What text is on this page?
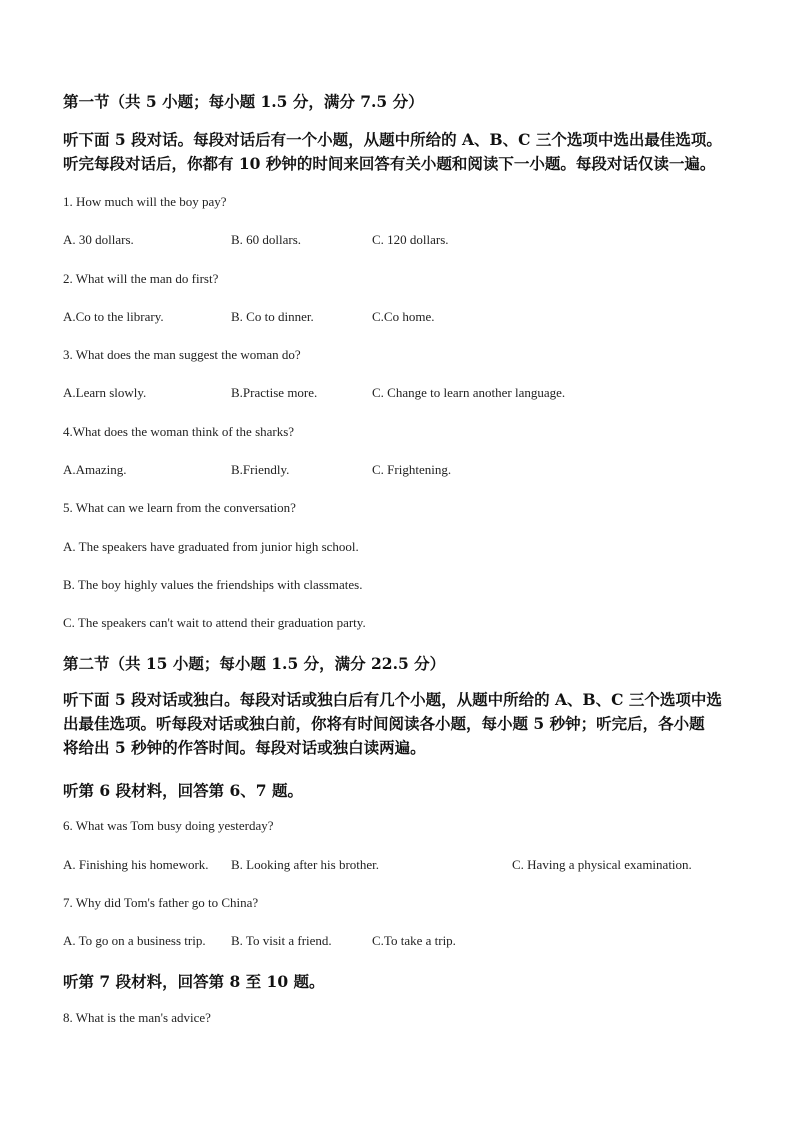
第一节（共 5 小题；每小题 1.5 分，满分 7.5 分）
听下面 5 段对话。每段对话后有一个小题，从题中所给的 A、B、C 三个选项中选出最佳选项。
听完每段对话后，你都有 10 秒钟的时间来回答有关小题和阅读下一小题。每段对话仅读一遍。
1. How much will the boy pay?
A. 30 dollars.	B. 60 dollars.	C. 120 dollars.
2. What will the man do first?
A.Co to the library.	B. Co to dinner.	C.Co home.
3. What does the man suggest the woman do?
A.Learn slowly.	B.Practise more.	C. Change to learn another language.
4.What does the woman think of the sharks?
A.Amazing.	B.Friendly.	C. Frightening.
5. What can we learn from the conversation?
A. The speakers have graduated from junior high school.
B. The boy highly values the friendships with classmates.
C. The speakers can't wait to attend their graduation party.
第二节（共 15 小题；每小题 1.5 分，满分 22.5 分）
听下面 5 段对话或独白。每段对话或独白后有几个小题，从题中所给的 A、B、C 三个选项中选
出最佳选项。听每段对话或独白前，你将有时间阅读各小题，每小题 5 秒钟；听完后，各小题
将给出 5 秒钟的作答时间。每段对话或独白读两遍。
听第 6 段材料，回答第 6、7 题。
6. What was Tom busy doing yesterday?
A. Finishing his homework. B. Looking after his brother.	C. Having a physical examination.
7. Why did Tom's father go to China?
A. To go on a business trip. B. To visit a friend.	C.To take a trip.
听第 7 段材料，回答第 8 至 10 题。
8. What is the man's advice?
